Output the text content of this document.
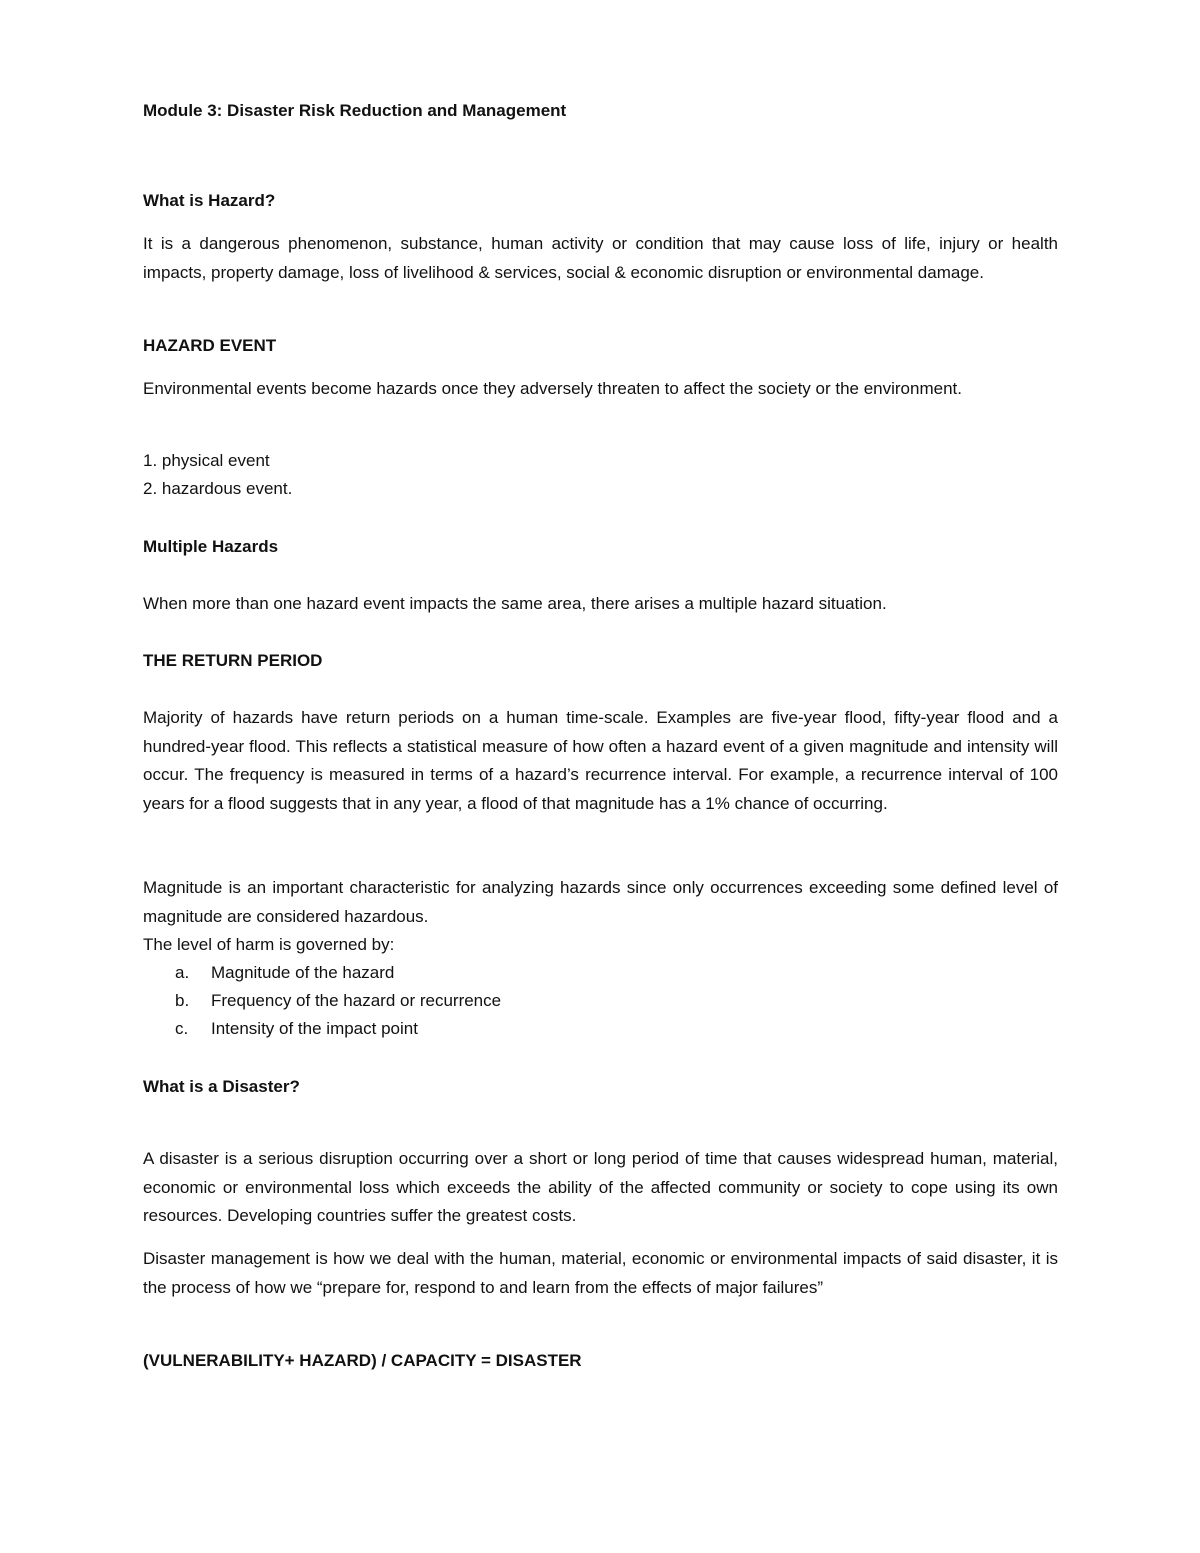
Module 3: Disaster Risk Reduction and Management

What is Hazard?

It is a dangerous phenomenon, substance, human activity or condition that may cause loss of life, injury or health impacts, property damage, loss of livelihood & services, social & economic disruption or environmental damage.

HAZARD EVENT

Environmental events become hazards once they adversely threaten to affect the society or the environment.

1. physical event

2. hazardous event.

Multiple Hazards

When more than one hazard event impacts the same area, there arises a multiple hazard situation.

THE RETURN PERIOD

Majority of hazards have return periods on a human time-scale. Examples are five-year flood, fifty-year flood and a hundred-year flood. This reflects a statistical measure of how often a hazard event of a given magnitude and intensity will occur. The frequency is measured in terms of a hazard’s recurrence interval. For example, a recurrence interval of 100 years for a flood suggests that in any year, a flood of that magnitude has a 1% chance of occurring.

Magnitude is an important characteristic for analyzing hazards since only occurrences exceeding some defined level of magnitude are considered hazardous.

The level of harm is governed by:

a. Magnitude of the hazard

b. Frequency of the hazard or recurrence

c. Intensity of the impact point

What is a Disaster?

A disaster is a serious disruption occurring over a short or long period of time that causes widespread human, material, economic or environmental loss which exceeds the ability of the affected community or society to cope using its own resources. Developing countries suffer the greatest costs.

Disaster management is how we deal with the human, material, economic or environmental impacts of said disaster, it is the process of how we “prepare for, respond to and learn from the effects of major failures”

(VULNERABILITY+ HAZARD) / CAPACITY = DISASTER
